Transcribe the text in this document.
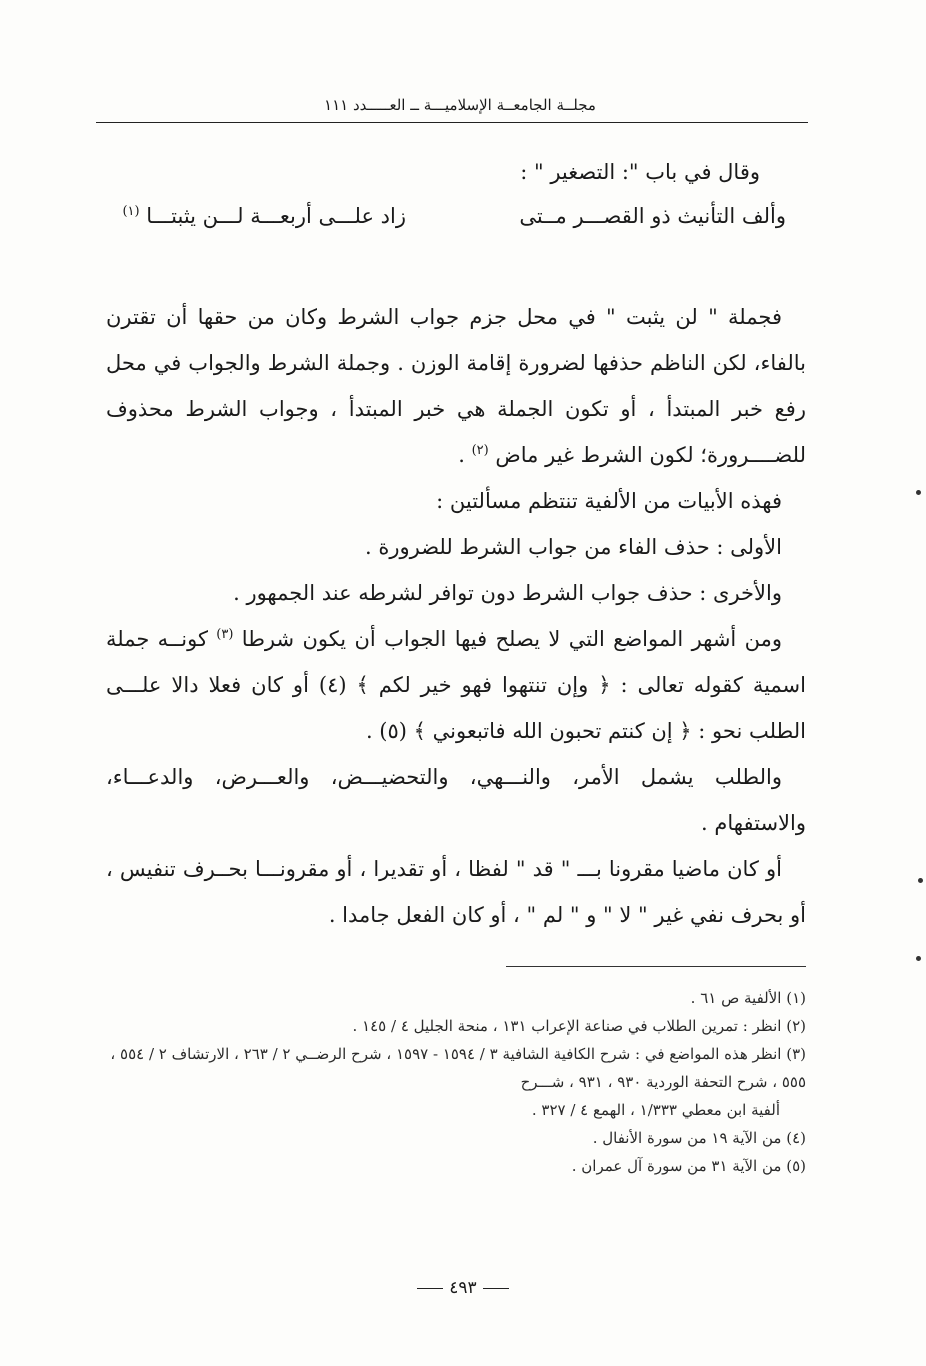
مجلــة الجامعــة الإسلاميـــة ــ العـــــدد ١١١
وقال في باب ": التصغير " :
وألف التأنيث ذو القصـــر مــتى
زاد علـــى أربعـــة لـــن يثبتـــا $^{(١)}$

فجملة " لن يثبت " في محل جزم جواب الشرط وكان من حقها أن تقترن بالفاء، لكن الناظم حذفها لضرورة إقامة الوزن . وجملة الشرط والجواب في محل رفع خبر المبتدأ ، أو تكون الجملة هي خبر المبتدأ ، وجواب الشرط محذوف للضــــرورة؛ لكون الشرط غير ماض $^{(٢)}$ .

فهذه الأبيات من الألفية تنتظم مسألتين :

الأولى : حذف الفاء من جواب الشرط للضرورة .

والأخرى : حذف جواب الشرط دون توافر لشرطه عند الجمهور .

ومن أشهر المواضع التي لا يصلح فيها الجواب أن يكون شرطا $^{(٣)}$ كونــه جملة اسمية كقوله تعالى : ﴿ وإن تنتهوا فهو خير لكم ﴾ (٤) أو كان فعلا دالا علـــى الطلب نحو : ﴿ إن كنتم تحبون الله فاتبعوني ﴾ (٥) .

والطلب يشمل الأمر، والنـــهي، والتحضيـــض، والعـــرض، والدعـــاء، والاستفهام .

أو كان ماضيا مقرونا بـــ " قد " لفظا ، أو تقديرا ، أو مقرونـــا بحــرف تنفيس ، أو بحرف نفي غير " لا " و " لم " ، أو كان الفعل جامدا .

(١) الألفية ص ٦١ .

(٢) انظر : تمرين الطلاب في صناعة الإعراب ١٣١ ، منحة الجليل ٤ / ١٤٥ .

(٣) انظر هذه المواضع في : شرح الكافية الشافية ٣ / ١٥٩٤ - ١٥٩٧ ، شرح الرضــي ٢ / ٢٦٣ ، الارتشاف ٢ / ٥٥٤ ، ٥٥٥ ، شرح التحفة الوردية ٩٣٠ ، ٩٣١ ، شـــرح

ألفية ابن معطي ١/٣٣٣ ، الهمع ٤ / ٣٢٧ .

(٤) من الآية ١٩ من سورة الأنفال .

(٥) من الآية ٣١ من سورة آل عمران .

٤٩٣
